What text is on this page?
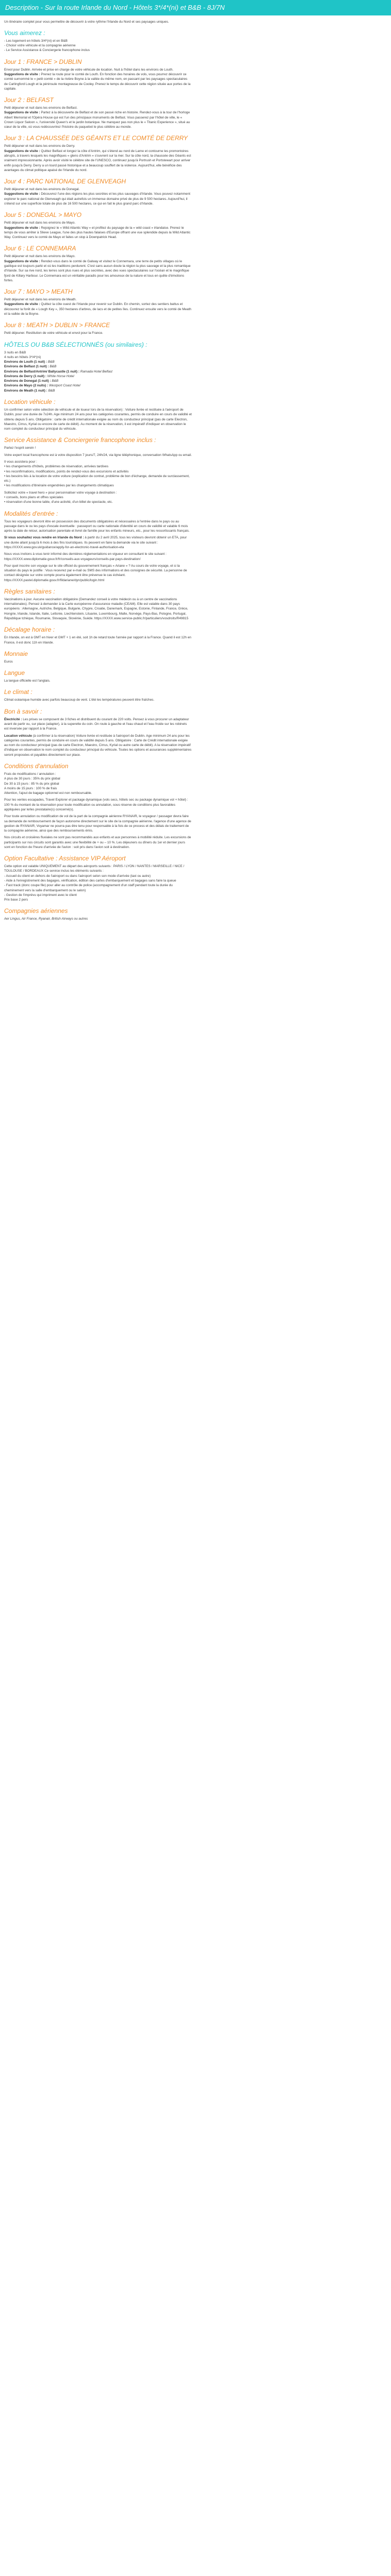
Description - Sur la route Irlande du Nord - Hôtels 3*/4*(ni) et B&B - 8J/7N

Un itinéraire complet pour vous permettre de découvrir à votre rythme l'Irlande du Nord et ses paysages uniques.

Vous aimerez :
- Les logement en hôtels 3/4*(ni) et en B&B
- Choisir votre véhicule et la compagnie aérienne
- Le Service Assistance & Conciergerie francophone inclus
Jour 1 : FRANCE > DUBLIN

Envol pour Dublin. Arrivée et prise en charge de votre véhicule de location. Nuit à l'hôtel dans les environs de Louth.

Suggestions de visite : Prenez la route pour le comté de Louth. En fonction des horaires de vols, vous pourrez découvrir ce comté surnommé le « petit comté » de la rivière Boyne à la vallée du même nom, en passant par les paysages spectaculaires de Carlingford Lough et la péninsule montagneuse de Cooley. Prenez le temps de découvrir cette région située aux portes de la capitale.

Jour 2 : BELFAST

Petit déjeuner et nuit dans les environs de Belfast.

Suggestions de visite : Partez à la découverte de Belfast et de son passé riche en histoire. Rendez-vous à la tour de l'horloge Albert Memorial et l'Opéra House qui est l'un des principaux monuments de Belfast. Vous passerez par l'hôtel de ville, le « Crown Liquor Saloon », l'université Queen's et le jardin botanique. Ne manquez pas non plus le « Titanic Experience », situé au cœur de la ville, où vous redécouvrirez l'histoire du paquebot le plus célèbre au monde.

Jour 3 : LA CHAUSSÉE DES GÉANTS ET LE COMTÉ DE DERRY

Petit déjeuner et nuit dans les environs de Derry.

Suggestions de visite : Quittez Belfast et longez la côte d'Antrim, qui s'étend au nord de Larne et contourne les promontoires abrupts, à travers lesquels les magnifiques « glens d'Antrim » s'ouvrent sur la mer. Sur la côte nord, la chaussée des Géants est vraiment impressionnante. Après avoir visité le célèbre site de l'UNESCO, continuez jusqu'à Portrush et Portstewart pour arriver enfin jusqu'à Derry. Derry a un lourd passé historique et a beaucoup souffert de la violence. Aujourd'hui, elle bénéficie des avantages du climat politique apaisé de l'Irlande du nord.

Jour 4 : PARC NATIONAL DE GLENVEAGH

Petit déjeuner et nuit dans les environs de Donegal.

Suggestions de visite : Découvrez l'une des régions les plus secrètes et les plus sauvages d'Irlande. Vous pouvez notamment explorer le parc national de Glenveagh qui était autrefois un immense domaine privé de plus de 9 500 hectares. Aujourd'hui, il s'étend sur une superficie totale de plus de 16 500 hectares, ce qui en fait le plus grand parc d'Irlande.

Jour 5 : DONEGAL > MAYO

Petit déjeuner et nuit dans les environs de Mayo.

Suggestions de visite : Rejoignez le « Wild Atlantic Way » et profitez du paysage de la « wild coast » irlandaise. Prenez le temps de vous arrêter à Slieve League, l'une des plus hautes falaises d'Europe offrant une vue splendide depuis la Wild Atlantic Way. Continuez vers le comté de Mayo et faites un stop à Downpatrick Head.

Jour 6 : LE CONNEMARA

Petit déjeuner et nuit dans les environs de Mayo.

Suggestions de visite : Rendez-vous dans le comté de Galway et visitez le Connemara, une terre de petits villages où le gaélique est toujours parlé et où les traditions perdurent. C'est sans aucun doute la région la plus sauvage et la plus romantique d'Irlande. Sur sa rive nord, les terres sont plus nues et plus secrètes, avec des vues spectaculaires sur l'océan et le magnifique fjord de Killary Harbour. Le Connemara est un véritable paradis pour les amoureux de la nature et tous en quête d'émotions fortes.

Jour 7 : MAYO > MEATH

Petit déjeuner et nuit dans les environs de Meath.

Suggestions de visite : Quittez la côte ouest de l'Irlande pour revenir sur Dublin. En chemin, sortez des sentiers battus et découvrez la forêt de « Lough Key », 350 hectares d'arbres, de lacs et de petites îles. Continuez ensuite vers le comté de Meath et la vallée de la Boyne.

Jour 8 : MEATH > DUBLIN > FRANCE

Petit déjeuner. Restitution de votre véhicule et envol pour la France.

HÔTELS OU B&B SÉLECTIONNÉS (ou similaires) :
3 nuits en B&B
4 nuits en hôtels 3*/4*(ni)
Environs de Louth (1 nuit) : B&B
Environs de Belfast (1 nuit) : B&B
Environs de Belfast/Antrim/ Ballycastle (1 nuit) : Ramada Hotel Belfast
Environs de Derry (1 nuit) : White Horse Hotel
Environs de Donegal (1 nuit) : B&B
Environs de Mayo (2 nuits) : Westport Coast Hotel
Environs de Meath (1 nuit) : B&B
Location véhicule :

Un confirmer selon votre sélection de véhicule et de loueur lors de la réservation) : Voiture livrée et restituée à l'aéroport de Dublin, pour une durée de 7x24h. Age minimum 24 ans pour les catégories courantes, permis de conduire en cours de validité et obtenu depuis 5 ans. Obligatoire : carte de crédit internationale exigée au nom du conducteur principal (pas de carte Electron, Maestro, Cirrus, Kyrial ou encore de carte de débit). Au moment de la réservation, il est impératif d'indiquer en observation le nom complet du conducteur principal du véhicule.

Service Assistance & Conciergerie francophone inclus :

Partez l'esprit serein !

Votre expert local francophone est à votre disposition 7 jours/7, 24h/24, via ligne téléphonique, conversation WhatsApp ou email.

Il vous assistera pour :

• les changements d'hôtels, problèmes de réservation, arrivées tardives
• les reconfirmations, modifications, points de rendez-vous des excursions et activités
• les besoins liés à la location de votre voiture (explication de contrat, problème de bon d'échange, demande de surclassement, etc.)
• les modifications d'itinéraire engendrées par les changements climatiques

Sollicitez votre « travel hero » pour personnaliser votre voyage à destination :

• conseils, bons plans et offres spéciales
• réservation d'une bonne table, d'une activité, d'un billet de spectacle, etc.
Modalités d'entrée :

Tous les voyageurs devront être en possession des documents obligatoires et nécessaires à l'entrée dans le pays ou au passage dans le ou les pays d'escale éventuelle : passeport ou carte nationale d'identité en cours de validité et valable 6 mois après la date de retour, autorisation parentale et livret de famille pour les enfants mineurs, etc., pour les ressortissants français.

Si vous souhaitez vous rendre en Irlande du Nord : à partir du 2 avril 2025, tous les visiteurs devront obtenir un ETA, pour une durée allant jusqu'à 6 mois à des fins touristiques. Ils peuvent en faire la demande via le site suivant : https://XXXX.www.gov.uk/guidance/apply-for-an-electronic-travel-authorisation-eta

Nous vous invitons à vous tenir informé des dernières réglementations en vigueur en consultant le site suivant : https://XXXX.www.diplomatie.gouv.fr/fr/conseils-aux-voyageurs/conseils-par-pays-destination/

Pour quel inscrire son voyage sur le site officiel du gouvernement français « Ariane » ? Au cours de votre voyage, et si la situation du pays le justifie : Vous recevrez par e-mail ou SMS des informations et des consignes de sécurité. La personne de contact désignée sur votre compte pourra également être prévenue le cas échéant. https://XXXX.pastel.diplomatie.gouv.fr/fildariane/dyn/public/login.html

Règles sanitaires :

Vaccinations à jour. Aucune vaccination obligatoire (Demandez conseil à votre médecin ou à un centre de vaccinations internationales). Pensez à demander à la Carte européenne d'assurance maladie (CEAM). Elle est valable dans 30 pays européens : Allemagne, Autriche, Belgique, Bulgarie, Chypre, Croatie, Danemark, Espagne, Estonie, Finlande, France, Grèce, Hongrie, Irlande, Islande, Italie, Lettonie, Liechtenstein, Lituanie, Luxembourg, Malte, Norvège, Pays-Bas, Pologne, Portugal, République tchèque, Roumanie, Slovaquie, Slovénie, Suède. https://XXXX.www.service-public.fr/particuliers/vosdroits/R49815

Décalage horaire :

En Irlande, on est à GMT en hiver et GMT + 1 en été, soit 1h de retard toute l'année par rapport à la France. Quand il est 12h en France, il est donc 11h en Irlande.

Monnaie

Euros

Langue

La langue officielle est l'anglais.

Le climat :

Climat océanique humide avec parfois beaucoup de vent. L'été les températures peuvent être fraîches.

Bon à savoir :

Électricité : Les prises se composent de 3 fiches et distribuent du courant de 220 volts. Pensez à vous procurer un adaptateur avant de partir ou, sur place (adapter), à la superette du coin. On roule à gauche et l'eau chaud et l'eau froide sur les robinets est inversée par rapport à la France.

Location véhicule (à confirmer à la réservation) Voiture livrée et restituée à l'aéroport de Dublin. Age minimum 24 ans pour les catégories courantes, permis de conduire en cours de validité depuis 5 ans. Obligatoire : Carte de Crédit internationale exigée au nom du conducteur principal (pas de carte Electron, Maestro, Cirrus, Kyrial ou autre carte de débit). A la réservation impératif d'indiquer en observation le nom complet du conducteur principal du véhicule. Toutes les options et assurances supplémentaires seront proposées et payables directement sur place.

Conditions d'annulation
Frais de modifications / annulation :
A plus de 30 jours : 35% du prix global
De 30 à 15 jours : 85 % du prix global
A moins de 15 jours : 100 % de frais
Attention, l'ajout de bagage optionnel est non remboursable.

Pour les ventes escapades, Travel Explorer et package dynamique (vols secs, hôtels sec ou package dynamique vol + hôtel) : 100 % du montant de la réservation pour toute modification ou annulation, sous réserve de conditions plus favorables appliquées par le/les prestataire(s) concerné(s).

Pour toute annulation ou modification de vol de la part de la compagnie aérienne RYANAIR, le voyageur / passager devra faire sa demande de remboursement de façon autonome directement sur le site de la compagnie aérienne. l'agence d'une agence de gestion de RYANAIR, Voyamar ne pourra pas être tenu pour responsable à la fois de ce process et des délais de traitement de la compagnie aérienne, ainsi que des remboursements émis.

Nos circuits et croisières fluviales ne sont pas recommandés aux enfants et aux personnes à mobilité réduite. Les excursions de participants sur nos circuits sont garantis avec une flexibilité de + ou – 10 %. Les déjeuners ou dîners du 1er et dernier jours sont en fonction de l'heure d'arrivée de l'avion : soit pris dans l'avion soit à destination.

Option Facultative : Assistance VIP Aéroport

Cette option est valable UNIQUEMENT au départ des aéroports suivants : PARIS / LYON / NANTES / MARSEILLE / NICE / TOULOUSE / BORDEAUX Ce service inclus les éléments suivants :

- Accueil du client en dehors de l'aéroport ou dans l'aéroport selon son mode d'arrivée (taxi ou autre)
- Aide à l'enregistrement des bagages, vérification, édition des cartes d'embarquement et bagages sans faire la queue
- Fast track (donc coupe file) pour aller au contrôle de police (accompagnement d'un staff pendant toute la durée du cheminement vers la salle d'embarquement ou le salon)
- Gestion de l'imprévu qui impriment avec le client
Prix base 2 pers
Compagnies aériennes

Aer Lingus, Air France, Ryanair, British Airways ou autres
